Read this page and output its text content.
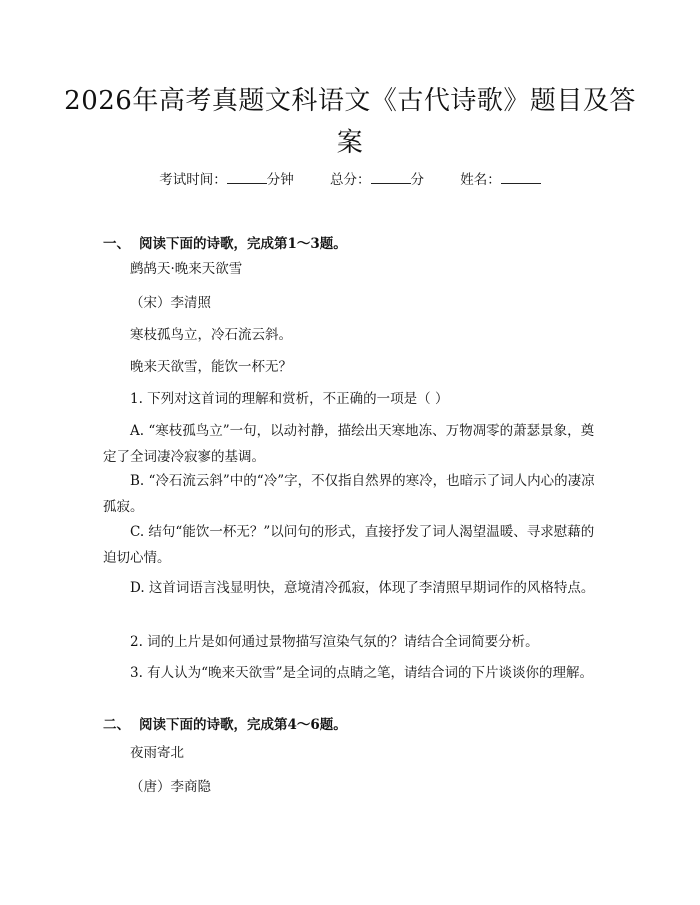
2026年高考真题文科语文《古代诗歌》题目及答案
考试时间：	分钟	总分：	分	姓名：
一、 阅读下面的诗歌，完成第1～3题。
鹧鸪天·晚来天欲雪
（宋）李清照
寒枝孤鸟立，冷石流云斜。
晚来天欲雪，能饮一杯无？
1. 下列对这首词的理解和赏析，不正确的一项是（ ）
A. “寒枝孤鸟立”一句，以动衬静，描绘出天寒地冻、万物凋零的萧瑟景象，奠定了全词凄冷寂寥的基调。
B. “冷石流云斜”中的“冷”字，不仅指自然界的寒冷，也暗示了词人内心的凄凉孤寂。
C. 结句“能饮一杯无？”以问句的形式，直接抒发了词人渴望温暖、寻求慰藉的迫切心情。
D. 这首词语言浅显明快，意境清冷孤寂，体现了李清照早期词作的风格特点。
2. 词的上片是如何通过景物描写渲染气氛的？请结合全词简要分析。
3. 有人认为“晚来天欲雪”是全词的点睛之笔，请结合词的下片谈谈你的理解。
二、 阅读下面的诗歌，完成第4～6题。
夜雨寄北
（唐）李商隐
